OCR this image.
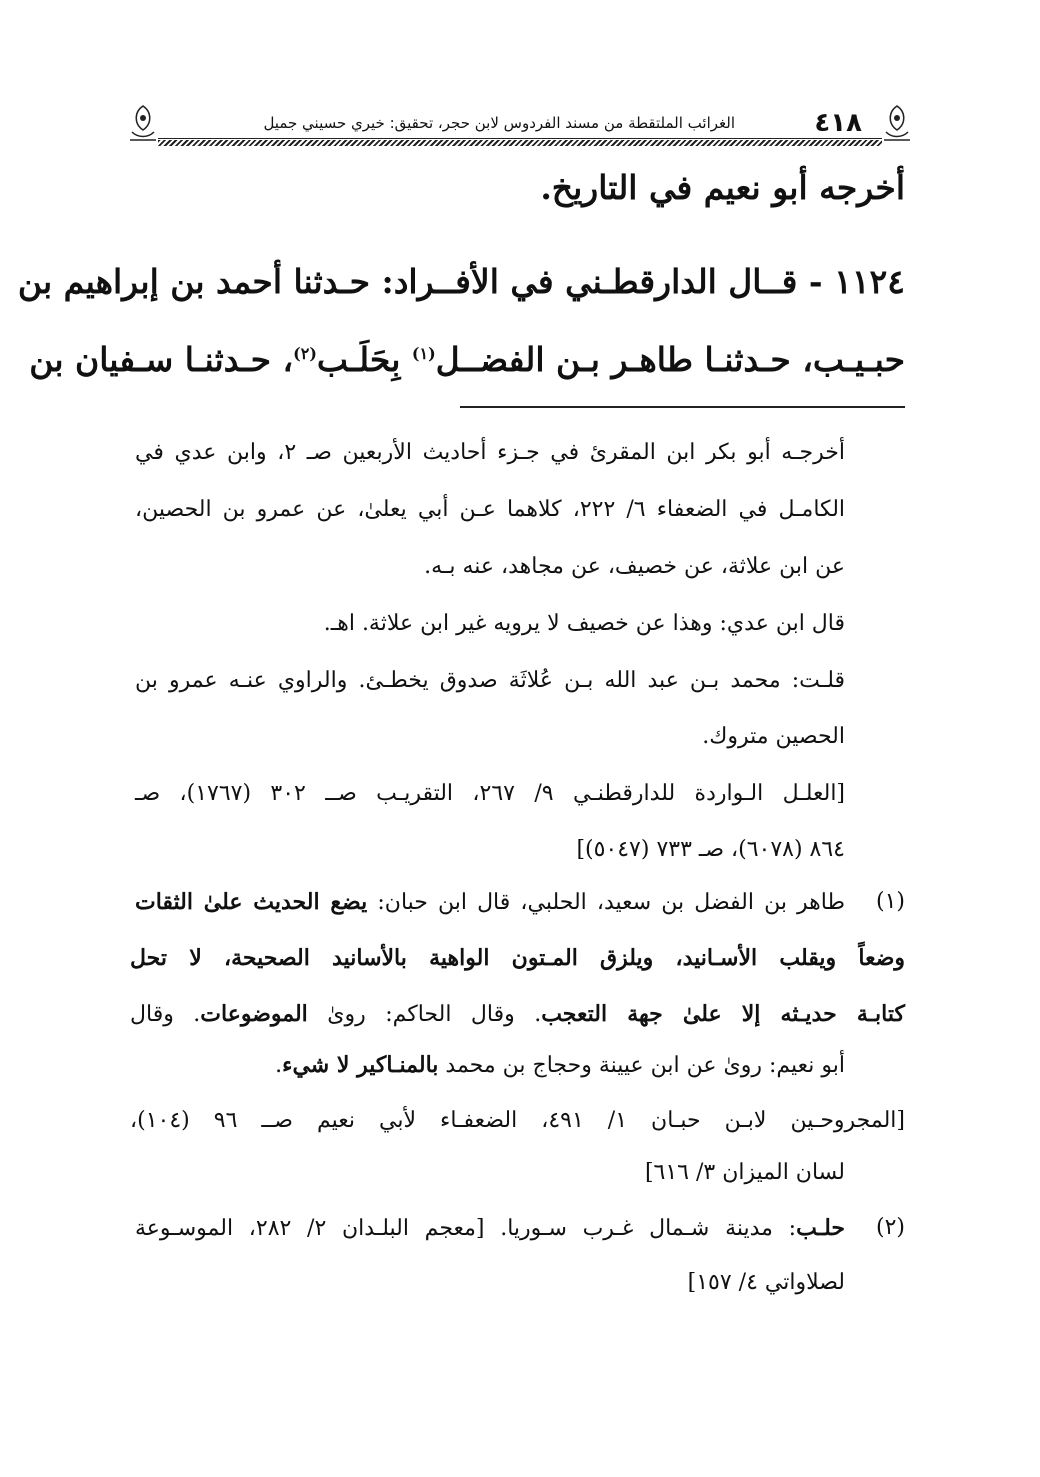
الغرائب الملتقطة من مسند الفردوس لابن حجر، تحقيق: خيري حسيني جميل	٤١٨
أخرجه أبو نعيم في التاريخ.
١١٢٤ - قــال الدارقطـني في الأفــراد: حـدثنا أحمد بن إبراهيم بن
حبـيـب، حـدثنـا طاهـر بـن الفضــل$^{(١)}$ بِحَلَـب$^{(٢)}$، حـدثنـا سـفيان بن
أخرجـه أبو بكر ابن المقرئ في جـزء أحاديث الأربعين صـ ٢، وابن عدي في
الكامـل في الضعفاء ٦/ ٢٢٢، كلاهما عـن أبي يعلىٰ، عن عمرو بن الحصين،
عن ابن علاثة، عن خصيف، عن مجاهد، عنه بـه.
قال ابن عدي: وهذا عن خصيف لا يرويه غير ابن علاثة. اهـ.
قلـت: محمد بـن عبد الله بـن عُلاثَة صدوق يخطـئ. والراوي عنـه عمرو بن
الحصين متروك.
[العلـل الـواردة للدارقطنـي ٩/ ٢٦٧، التقريـب صــ ٣٠٢ (١٧٦٧)، صـ
٨٦٤ (٦٠٧٨)، صـ ٧٣٣ (٥٠٤٧)]
(١)
طاهر بن الفضل بن سعيد، الحلبي، قال ابن حبان: يضع الحديث علىٰ الثقات
وضعاً ويقلب الأسـانيد، ويلزق المـتون الواهية بالأسانيد الصحيحة، لا تحل
كتابـة حديـثه إلا علىٰ جهة التعجب. وقال الحاكم: روىٰ الموضوعات. وقال
أبو نعيم: روىٰ عن ابن عيينة وحجاج بن محمد بالمنـاكير لا شيء.
[المجروحـين لابـن حبـان ١/ ٤٩١، الضعفـاء لأبي نعيم صــ ٩٦ (١٠٤)،
لسان الميزان ٣/ ٦١٦]
(٢)
حلـب: مدينة شـمال غـرب سـوريا. [معجم البلـدان ٢/ ٢٨٢، الموسـوعة
لصلاواتي ٤/ ١٥٧]
